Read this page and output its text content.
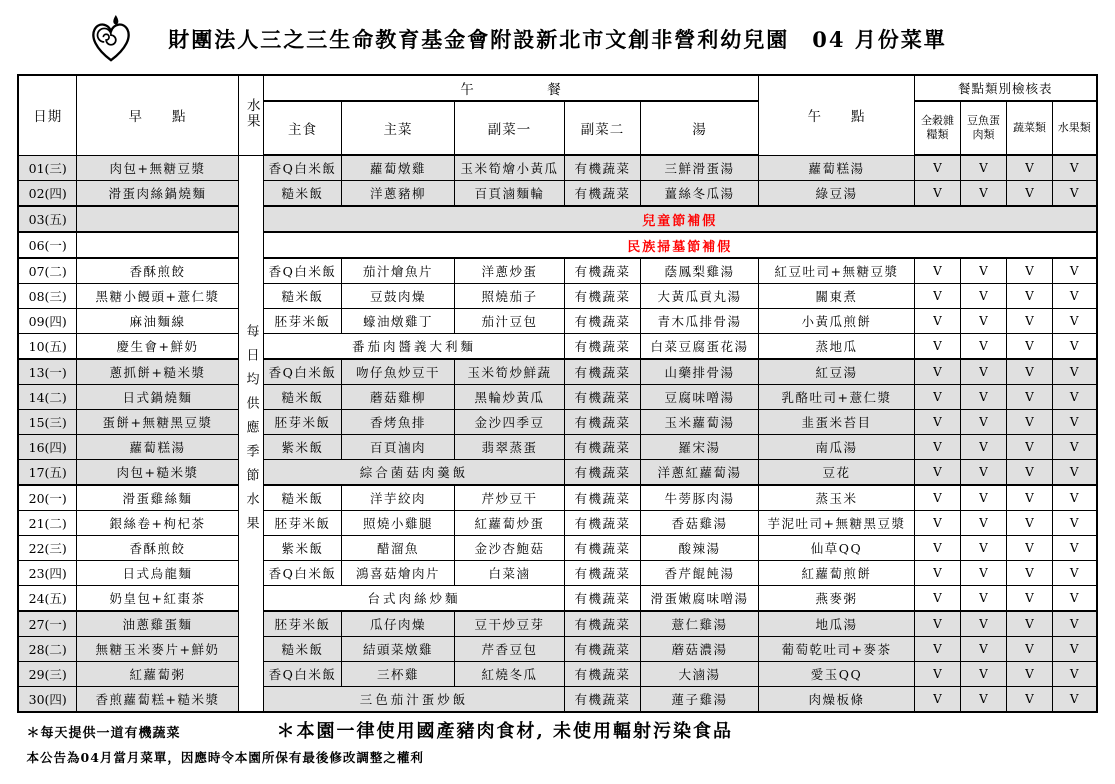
財團法人三之三生命教育基金會附設新北市文創非營利幼兒園　04 月份菜單
日期	早　　點	水果	午　　　　　餐					午　　點	餐點類別檢核表			
			主食	主菜	副菜一	副菜二	湯		全穀雜糧類	豆魚蛋肉類	蔬菜類	水果類
01(三)	肉包+無糖豆漿	每日均供應季節水果	香Q白米飯	蘿蔔燉雞	玉米筍燴小黃瓜	有機蔬菜	三鮮滑蛋湯	蘿蔔糕湯	V	V	V	V
02(四)	滑蛋肉絲鍋燒麵		糙米飯	洋蔥豬柳	百頁滷麵輪	有機蔬菜	薑絲冬瓜湯	綠豆湯	V	V	V	V
03(五)			兒童節補假									
06(一)			民族掃墓節補假									
07(二)	香酥煎餃		香Q白米飯	茄汁燴魚片	洋蔥炒蛋	有機蔬菜	蔭鳳梨雞湯	紅豆吐司+無糖豆漿	V	V	V	V
08(三)	黑糖小饅頭+薏仁漿		糙米飯	豆鼓肉燥	照燒茄子	有機蔬菜	大黃瓜貢丸湯	關東煮	V	V	V	V
09(四)	麻油麵線		胚芽米飯	蠔油燉雞丁	茄汁豆包	有機蔬菜	青木瓜排骨湯	小黃瓜煎餅	V	V	V	V
10(五)	慶生會+鮮奶		番茄肉醬義大利麵			有機蔬菜	白菜豆腐蛋花湯	蒸地瓜	V	V	V	V
13(一)	蔥抓餅+糙米漿		香Q白米飯	吻仔魚炒豆干	玉米筍炒鮮蔬	有機蔬菜	山藥排骨湯	紅豆湯	V	V	V	V
14(二)	日式鍋燒麵		糙米飯	蘑菇雞柳	黑輪炒黃瓜	有機蔬菜	豆腐味噌湯	乳酪吐司+薏仁漿	V	V	V	V
15(三)	蛋餅+無糖黑豆漿		胚芽米飯	香烤魚排	金沙四季豆	有機蔬菜	玉米蘿蔔湯	韭蛋米苔目	V	V	V	V
16(四)	蘿蔔糕湯		紫米飯	百頁滷肉	翡翠蒸蛋	有機蔬菜	羅宋湯	南瓜湯	V	V	V	V
17(五)	肉包+糙米漿		綜合菌菇肉羹飯			有機蔬菜	洋蔥紅蘿蔔湯	豆花	V	V	V	V
20(一)	滑蛋雞絲麵		糙米飯	洋芋絞肉	芹炒豆干	有機蔬菜	牛蒡豚肉湯	蒸玉米	V	V	V	V
21(二)	銀絲卷+枸杞茶		胚芽米飯	照燒小雞腿	紅蘿蔔炒蛋	有機蔬菜	香菇雞湯	芋泥吐司+無糖黑豆漿	V	V	V	V
22(三)	香酥煎餃		紫米飯	醋溜魚	金沙杏鮑菇	有機蔬菜	酸辣湯	仙草QQ	V	V	V	V
23(四)	日式烏龍麵		香Q白米飯	鴻喜菇燴肉片	白菜滷	有機蔬菜	香芹餛飩湯	紅蘿蔔煎餅	V	V	V	V
24(五)	奶皇包+紅棗茶		台式肉絲炒麵			有機蔬菜	滑蛋嫩腐味噌湯	燕麥粥	V	V	V	V
27(一)	油蔥雞蛋麵		胚芽米飯	瓜仔肉燥	豆干炒豆芽	有機蔬菜	薏仁雞湯	地瓜湯	V	V	V	V
28(二)	無糖玉米麥片+鮮奶		糙米飯	結頭菜燉雞	芹香豆包	有機蔬菜	蘑菇濃湯	葡萄乾吐司+麥茶	V	V	V	V
29(三)	紅蘿蔔粥		香Q白米飯	三杯雞	紅燒冬瓜	有機蔬菜	大滷湯	愛玉QQ	V	V	V	V
30(四)	香煎蘿蔔糕+糙米漿		三色茄汁蛋炒飯			有機蔬菜	蓮子雞湯	肉燥板條	V	V	V	V
＊每天提供一道有機蔬菜	＊本園一律使用國產豬肉食材, 未使用輻射污染食品
本公告為04月當月菜單，因應時令本園所保有最後修改調整之權利
